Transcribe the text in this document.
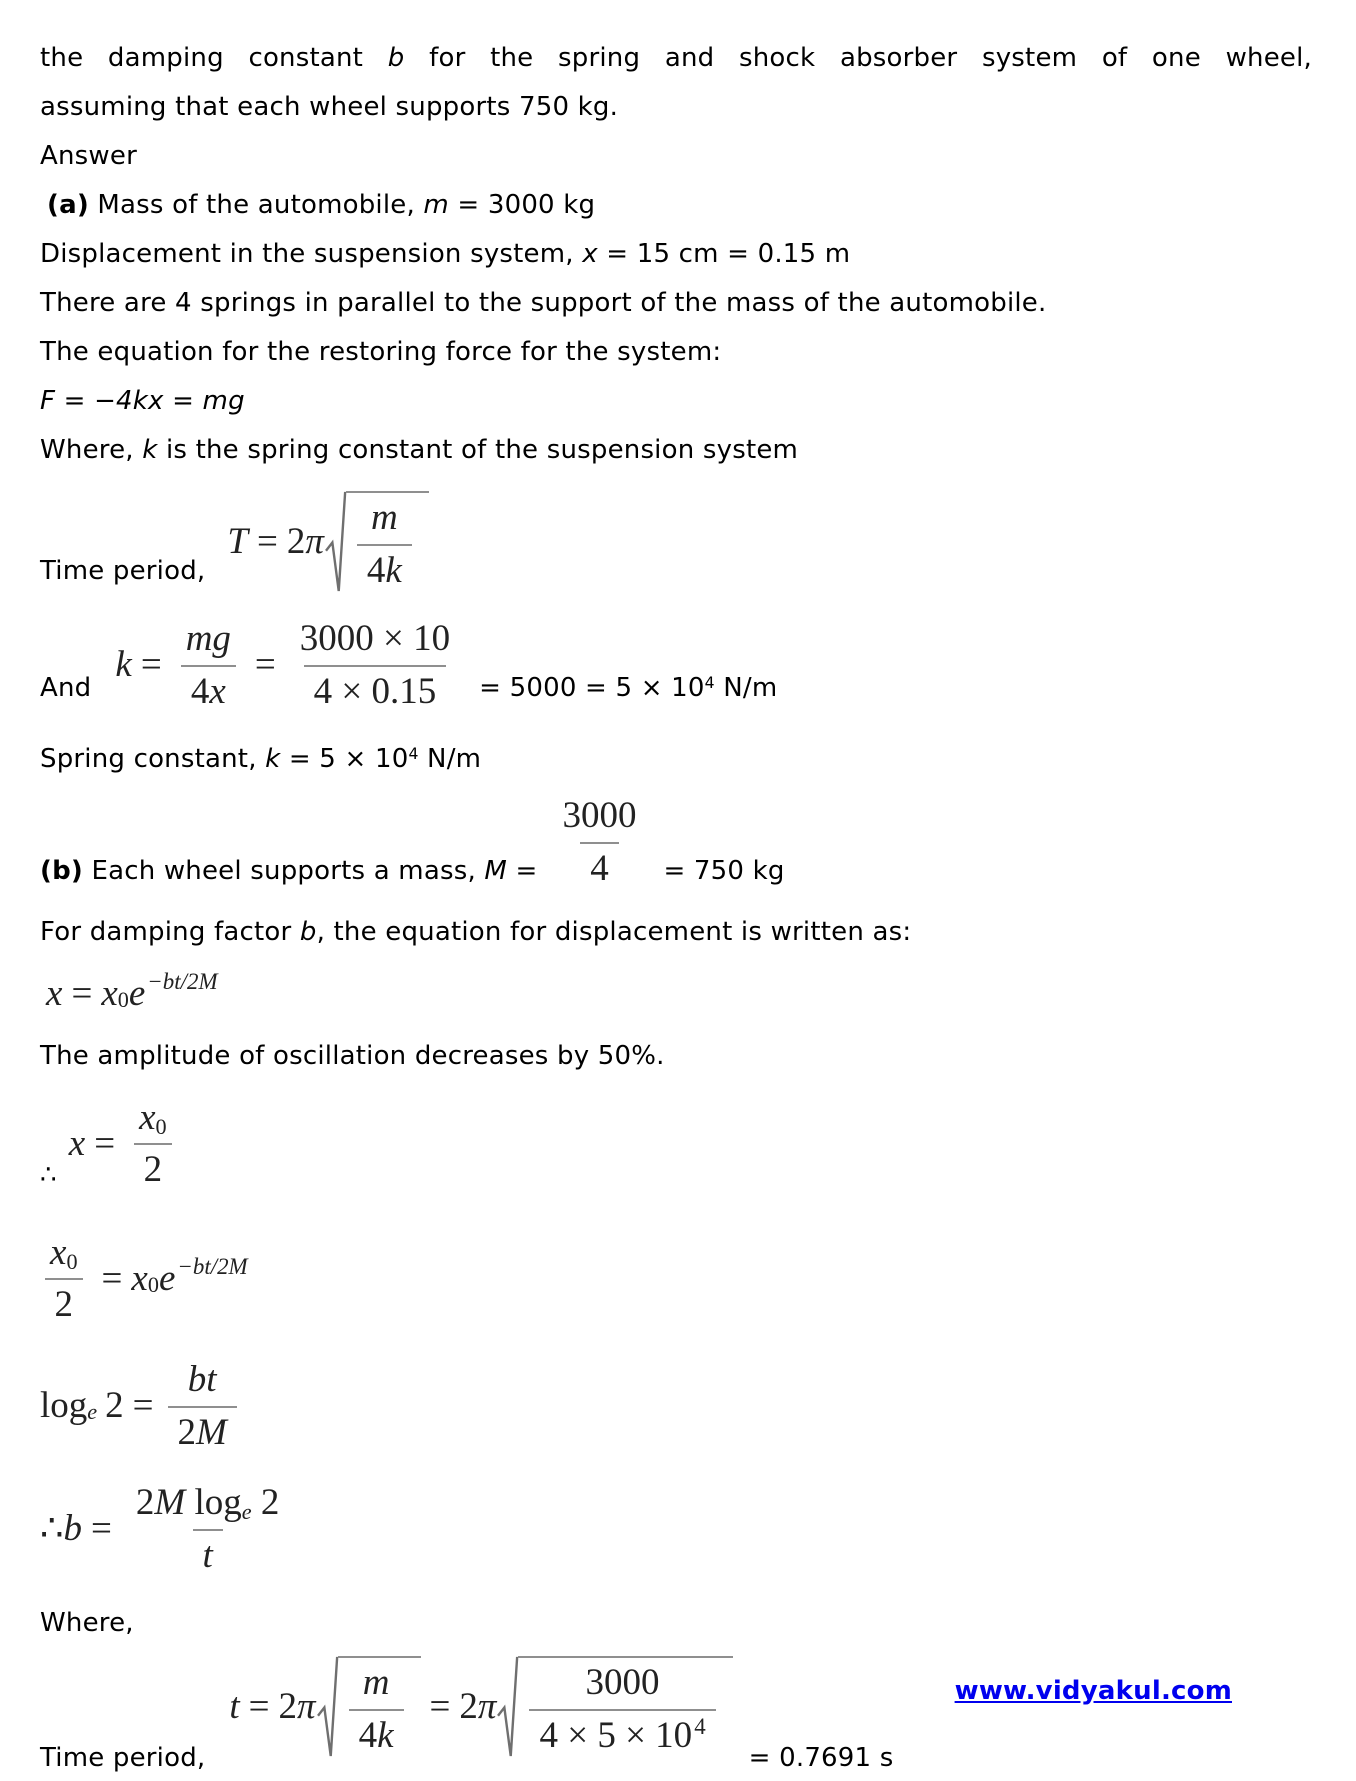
the damping constant b for the spring and shock absorber system of one wheel,

assuming that each wheel supports 750 kg.

Answer

(a) Mass of the automobile, m = 3000 kg

Displacement in the suspension system, x = 15 cm = 0.15 m

There are 4 springs in parallel to the support of the mass of the automobile.

The equation for the restoring force for the system:

F = −4kx = mg

Where, k is the spring constant of the suspension system

Time period,
T = 2 π $\frac{m}{4k}$
And
$k = \frac{mg}{4x} = \frac{3000 \times 10}{4 \times 0.15} = 5000 = 5 \times 10^4$ N/m

Spring constant, $k = 5 \times 10^4$ N/m

(b) Each wheel supports a mass, $M = \frac{3000}{4} = 750$ kg

For damping factor b, the equation for displacement is written as:

x = x 0 e −bt/2M

The amplitude of oscillation decreases by 50%.

∴
$x = \frac{x0}{2}$
$\frac{x0}{2} = x$ 0 e −bt/2M
log e $2 = \frac{bt}{2M}$
∴ $b = \frac{\text{2M loge 2}}{t}$

Where,

Time period,
t = 2 π $\frac{m}{4k} = 2$ π $\frac{3000}{4 \times 5 \times 10^4}$
= 0.7691 s
www.vidyakul.com
